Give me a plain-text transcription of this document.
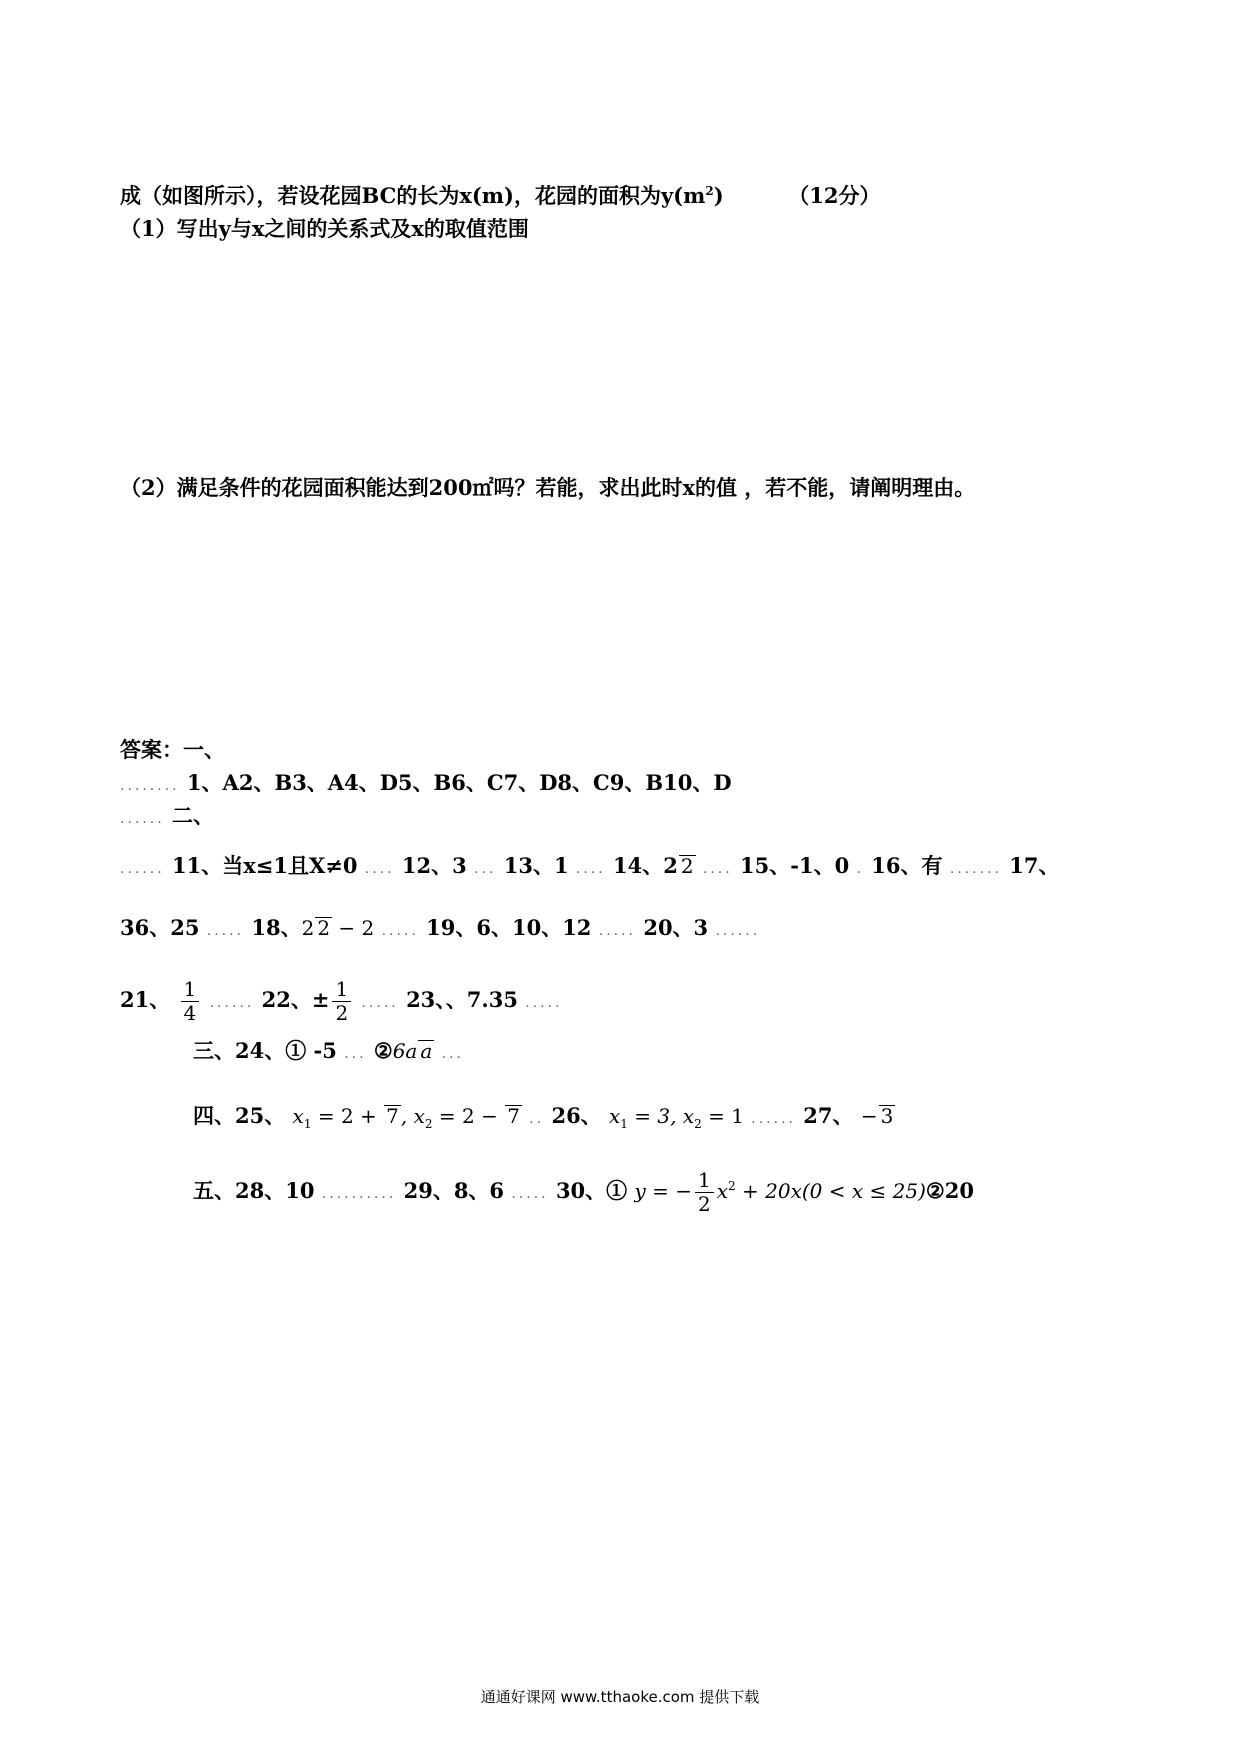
成（如图所示），若设花园BC的长为x(m)，花园的面积为$y(m^2)$	（12分）
（1）写出y与x之间的关系式及x的取值范围
（2）满足条件的花园面积能达到200㎡吗？若能，求出此时x的值 ，若不能，请阐明理由。
答案：一、
........ 1、A2、B3、A4、D5、B6、C7、D8、C9、B10、D
...... 二、
...... 11、当x≤1且X≠0 .... 12、3 ... 13、1 .... 14、2 2 .... 15、-1、0 . 16、有 ....... 17、
36、25 ..... 18、2 2 − 2 ..... 19、6、10、12 ..... 20、3 ......
21、 $\frac{1}{4}$ ...... 22、± $\frac{1}{2}$ ..... 23、、7.35 .....
三、24、① -5 ... ②6a a ...
四、25、 $x_1 = 2 + 7$ , $x_2 = 2 - 7$ .. 26、 $x_1 = 3$, $x_2 = 1$ ...... 27、 − 3
五、28、10 .......... 29、8、6 ..... 30、① y = − $\frac{1}{2} x^2 + 20x(0 < x$ ≤ 25)②20
通通好课网 www.tthaoke.com 提供下载
